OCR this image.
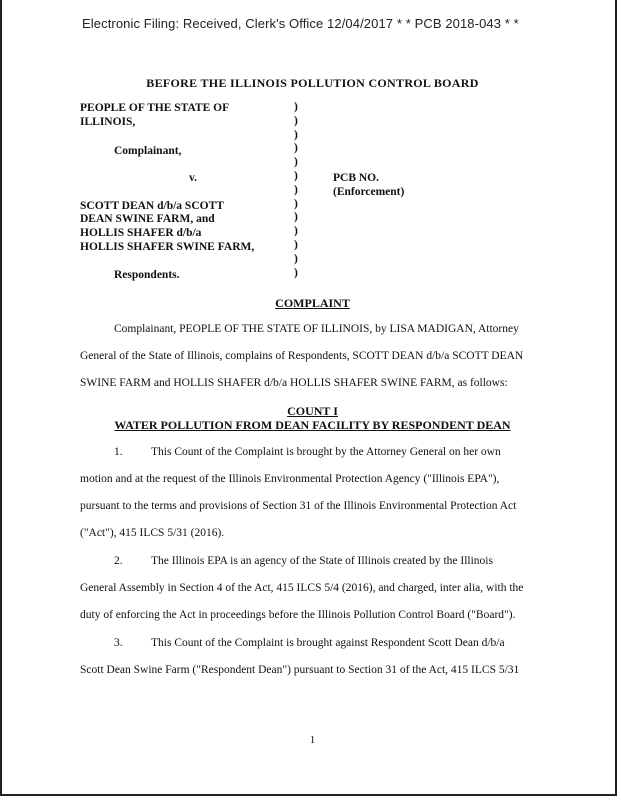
Electronic Filing: Received, Clerk's Office 12/04/2017 * * PCB 2018-043 * *
BEFORE THE ILLINOIS POLLUTION CONTROL BOARD
PEOPLE OF THE STATE OF
ILLINOIS,
Complainant,
v.
SCOTT DEAN d/b/a SCOTT
DEAN SWINE FARM, and
HOLLIS SHAFER d/b/a
HOLLIS SHAFER SWINE FARM,
Respondents.
)
)
)
)
)
)
)
)
)
)
)
)
)
PCB NO.
(Enforcement)
COMPLAINT
Complainant, PEOPLE OF THE STATE OF ILLINOIS, by LISA MADIGAN, Attorney
General of the State of Illinois, complains of Respondents, SCOTT DEAN d/b/a SCOTT DEAN
SWINE FARM and HOLLIS SHAFER d/b/a HOLLIS SHAFER SWINE FARM, as follows:
COUNT I
WATER POLLUTION FROM DEAN FACILITY BY RESPONDENT DEAN
1. This Count of the Complaint is brought by the Attorney General on her own
motion and at the request of the Illinois Environmental Protection Agency ("Illinois EPA"),
pursuant to the terms and provisions of Section 31 of the Illinois Environmental Protection Act
("Act"), 415 ILCS 5/31 (2016).
2. The Illinois EPA is an agency of the State of Illinois created by the Illinois
General Assembly in Section 4 of the Act, 415 ILCS 5/4 (2016), and charged, inter alia, with the
duty of enforcing the Act in proceedings before the Illinois Pollution Control Board ("Board").
3. This Count of the Complaint is brought against Respondent Scott Dean d/b/a
Scott Dean Swine Farm ("Respondent Dean") pursuant to Section 31 of the Act, 415 ILCS 5/31
1
